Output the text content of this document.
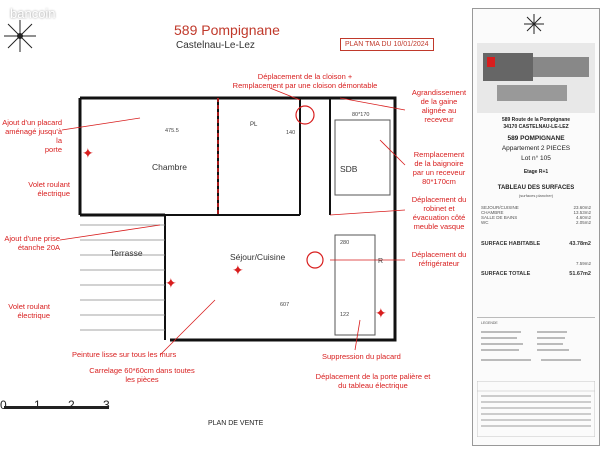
bancoin
589 Pompignane
Castelnau-Le-Lez	PLAN TMA DU 10/01/2024
✦
✦
✦
✦
Chambre	SDB
Séjour/Cuisine
Terrasse
PL
475.5	140
80*170
607
280
122
R
Déplacement de la cloison +
Remplacement par une cloison démontable
Ajout d'un placard
aménagé jusqu'à la
porte
Volet roulant électrique
Ajout d'une prise
étanche 20A
Volet roulant
électrique
Agrandissement
de la gaine
alignée au
receveur
Remplacement
de la baignoire
par un receveur
80*170cm
Déplacement du
robinet et
évacuation côté
meuble vasque
Déplacement du
réfrigérateur
Peinture lisse sur tous les murs
Carrelage 60*60cm dans toutes
les pièces
Suppression du placard
Déplacement de la porte palière et
du tableau électrique
0 1 2 3
PLAN DE VENTE
589 Route de la Pompignane
34170 CASTELNAU-LE-LEZ
589 POMPIGNANE
Appartement 2 PIECES
Lot n° 105
Etage R+1
TABLEAU DES SURFACES
(surfaces plancher)
SEJOUR/CUISINE	23.60m2
CHAMBRE	13.53m2
SALLE DE BAINS	4.60m2
WC	2.05m2
SURFACE HABITABLE	43.78m2
7.59m2
SURFACE TOTALE	51.67m2
LEGENDE
